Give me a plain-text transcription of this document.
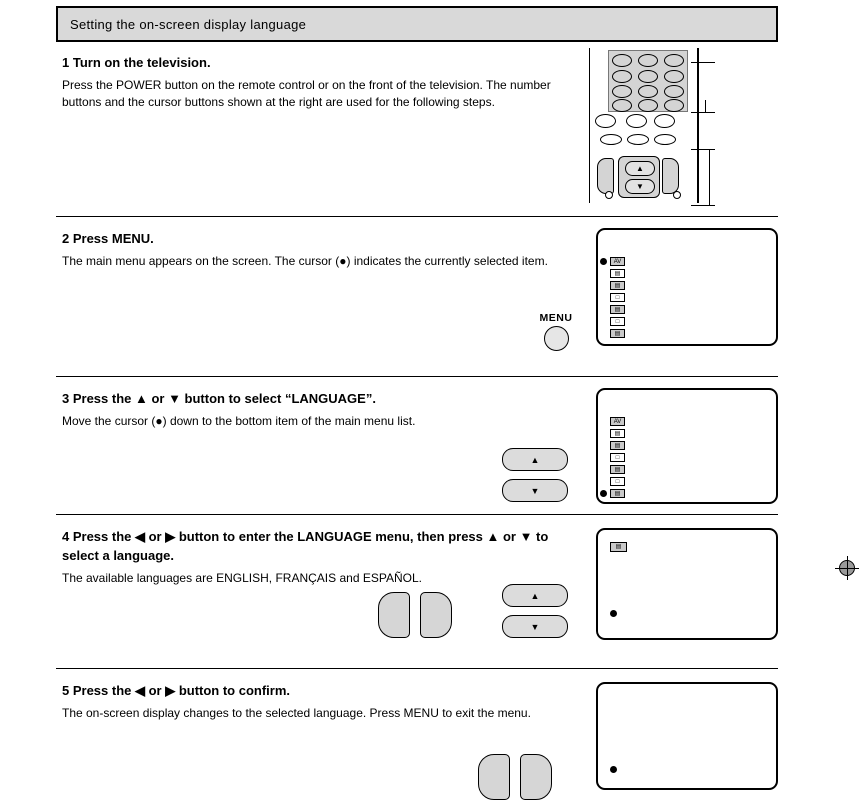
Setting the on-screen display language
1 Turn on the television.
Press the POWER button on the remote control or on the front of the television. The number buttons and the cursor buttons shown at the right are used for the following steps.
▲
▼
2 Press MENU.
The main menu appears on the screen. The cursor (●) indicates the currently selected item.
MENU
AV
▤
▤
□
▤
□
▤
3 Press the ▲ or ▼ button to select “LANGUAGE”.
Move the cursor (●) down to the bottom item of the main menu list.
▲
▼
AV
▤
▤
□
▤
□
▤
4 Press the ◀ or ▶ button to enter the LANGUAGE menu, then press ▲ or ▼ to select a language.
The available languages are ENGLISH, FRANÇAIS and ESPAÑOL.
▲
▼
▤
5 Press the ◀ or ▶ button to confirm.
The on-screen display changes to the selected language. Press MENU to exit the menu.
